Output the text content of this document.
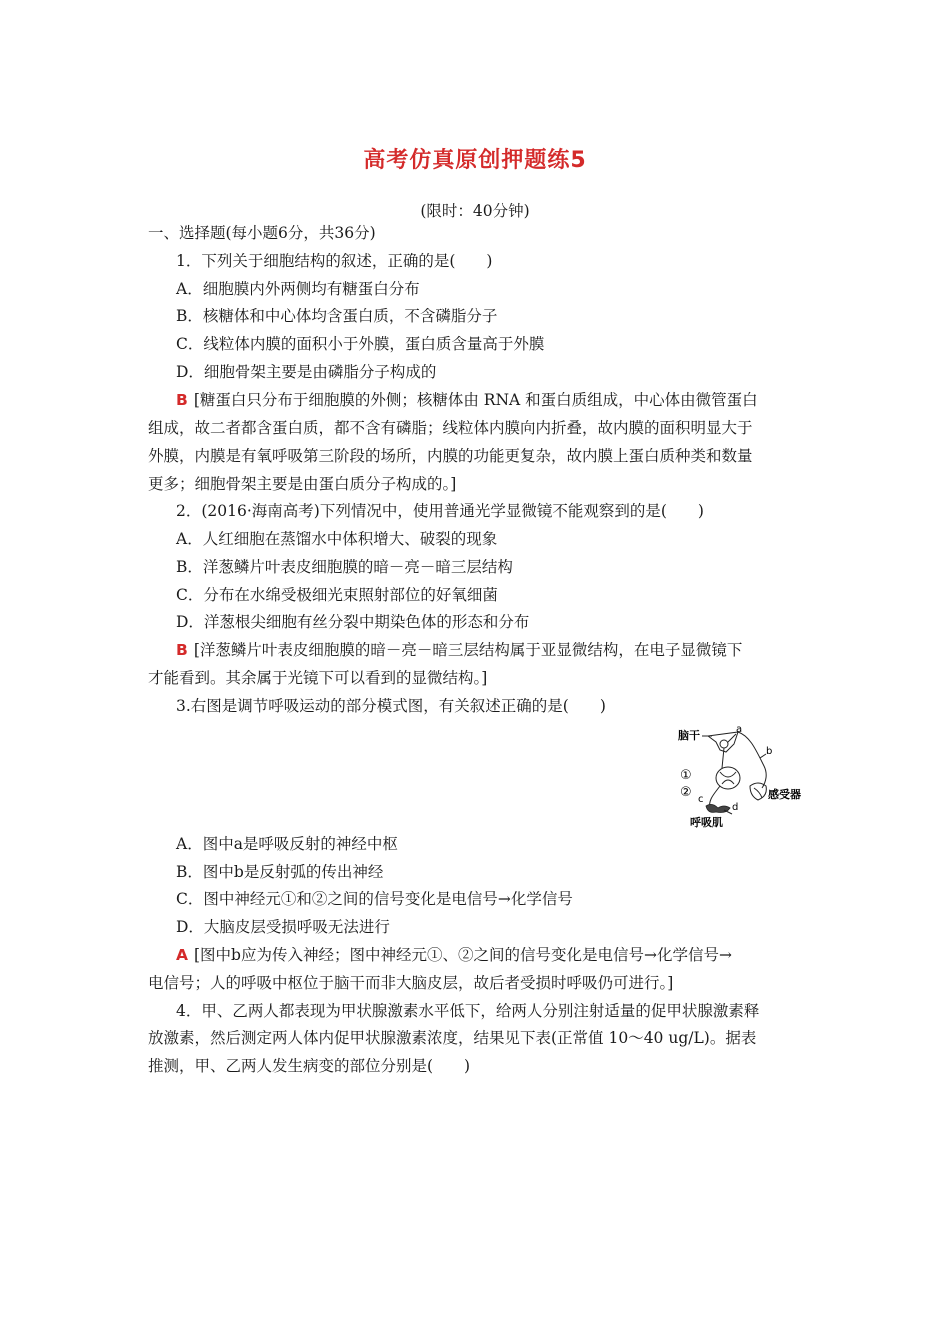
高考仿真原创押题练5
(限时：40分钟)
一、选择题(每小题6分，共36分)
1．下列关于细胞结构的叙述，正确的是(　　)
A．细胞膜内外两侧均有糖蛋白分布
B．核糖体和中心体均含蛋白质，不含磷脂分子
C．线粒体内膜的面积小于外膜，蛋白质含量高于外膜
D．细胞骨架主要是由磷脂分子构成的
B [糖蛋白只分布于细胞膜的外侧；核糖体由 RNA 和蛋白质组成，中心体由微管蛋白
组成，故二者都含蛋白质，都不含有磷脂；线粒体内膜向内折叠，故内膜的面积明显大于
外膜，内膜是有氧呼吸第三阶段的场所，内膜的功能更复杂，故内膜上蛋白质种类和数量
更多；细胞骨架主要是由蛋白质分子构成的。]
2．(2016·海南高考)下列情况中，使用普通光学显微镜不能观察到的是(　　)
A．人红细胞在蒸馏水中体积增大、破裂的现象
B．洋葱鳞片叶表皮细胞膜的暗－亮－暗三层结构
C．分布在水绵受极细光束照射部位的好氧细菌
D．洋葱根尖细胞有丝分裂中期染色体的形态和分布
B [洋葱鳞片叶表皮细胞膜的暗－亮－暗三层结构属于亚显微结构，在电子显微镜下
才能看到。其余属于光镜下可以看到的显微结构。]
3.右图是调节呼吸运动的部分模式图，有关叙述正确的是(　　)
脑干	a
b
①
② c
d
感受器
呼吸肌
A．图中a是呼吸反射的神经中枢
B．图中b是反射弧的传出神经
C．图中神经元①和②之间的信号变化是电信号→化学信号
D．大脑皮层受损呼吸无法进行
A [图中b应为传入神经；图中神经元①、②之间的信号变化是电信号→化学信号→
电信号；人的呼吸中枢位于脑干而非大脑皮层，故后者受损时呼吸仍可进行。]
4．甲、乙两人都表现为甲状腺激素水平低下，给两人分别注射适量的促甲状腺激素释
放激素，然后测定两人体内促甲状腺激素浓度，结果见下表(正常值 10～40 ug/L)。据表
推测，甲、乙两人发生病变的部位分别是(　　)
